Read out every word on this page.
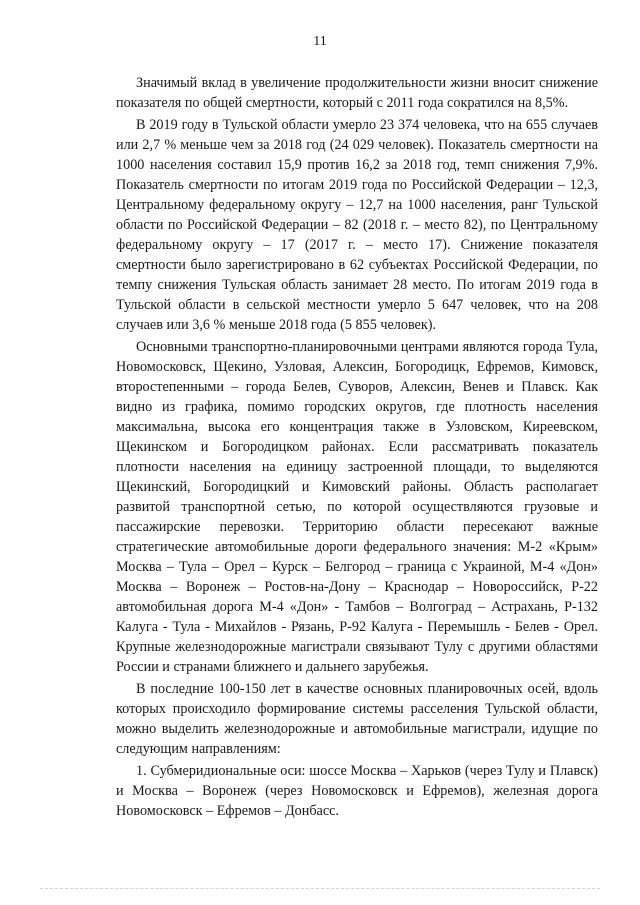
11

Значимый вклад в увеличение продолжительности жизни вносит снижение показателя по общей смертности, который с 2011 года сократился на 8,5%.

В 2019 году в Тульской области умерло 23 374 человека, что на 655 случаев или 2,7 % меньше чем за 2018 год (24 029 человек). Показатель смертности на 1000 населения составил 15,9 против 16,2 за 2018 год, темп снижения 7,9%. Показатель смертности по итогам 2019 года по Российской Федерации – 12,3, Центральному федеральному округу – 12,7 на 1000 населения, ранг Тульской области по Российской Федерации – 82 (2018 г. – место 82), по Центральному федеральному округу – 17 (2017 г. – место 17). Снижение показателя смертности было зарегистрировано в 62 субъектах Российской Федерации, по темпу снижения Тульская область занимает 28 место. По итогам 2019 года в Тульской области в сельской местности умерло 5 647 человек, что на 208 случаев или 3,6 % меньше 2018 года (5 855 человек).

Основными транспортно-планировочными центрами являются города Тула, Новомосковск, Щекино, Узловая, Алексин, Богородицк, Ефремов, Кимовск, второстепенными – города Белев, Суворов, Алексин, Венев и Плавск. Как видно из графика, помимо городских округов, где плотность населения максимальна, высока его концентрация также в Узловском, Киреевском, Щекинском и Богородицком районах. Если рассматривать показатель плотности населения на единицу застроенной площади, то выделяются Щекинский, Богородицкий и Кимовский районы. Область располагает развитой транспортной сетью, по которой осуществляются грузовые и пассажирские перевозки. Территорию области пересекают важные стратегические автомобильные дороги федерального значения: М-2 «Крым» Москва – Тула – Орел – Курск – Белгород – граница с Украиной, М-4 «Дон» Москва – Воронеж – Ростов-на-Дону – Краснодар – Новороссийск, Р-22 автомобильная дорога М-4 «Дон» - Тамбов – Волгоград – Астрахань, Р-132 Калуга - Тула - Михайлов - Рязань, Р-92 Калуга - Перемышль - Белев - Орел. Крупные железнодорожные магистрали связывают Тулу с другими областями России и странами ближнего и дальнего зарубежья.

В последние 100-150 лет в качестве основных планировочных осей, вдоль которых происходило формирование системы расселения Тульской области, можно выделить железнодорожные и автомобильные магистрали, идущие по следующим направлениям:

1. Субмеридиональные оси: шоссе Москва – Харьков (через Тулу и Плавск) и Москва – Воронеж (через Новомосковск и Ефремов), железная дорога Новомосковск – Ефремов – Донбасс.
